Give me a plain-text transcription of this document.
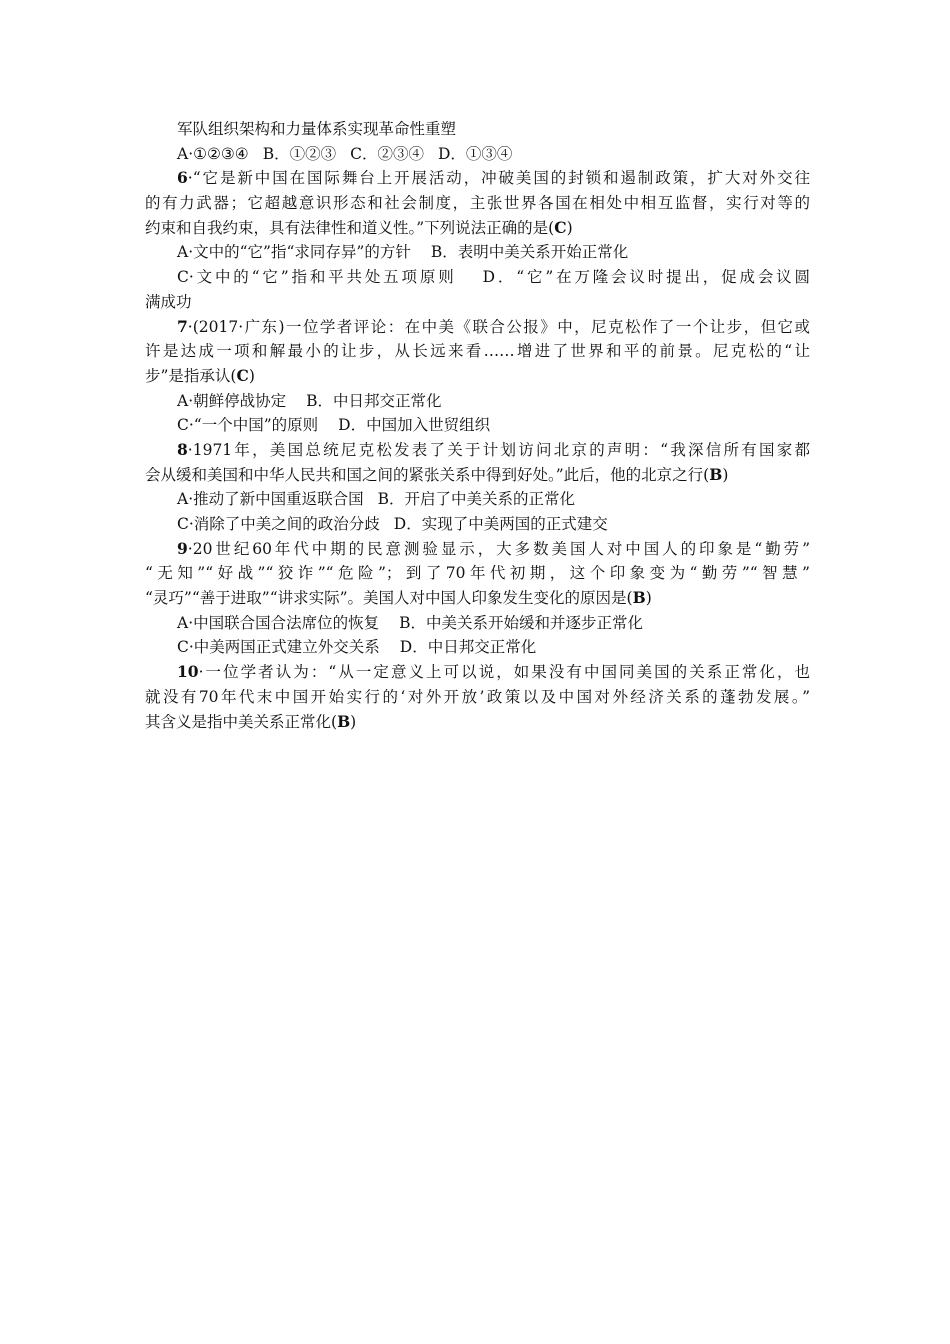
军队组织架构和力量体系实现革命性重塑
A·①②③④ B．①②③ C．②③④ D．①③④
6·“它是新中国在国际舞台上开展活动，冲破美国的封锁和遏制政策，扩大对外交往
的有力武器；它超越意识形态和社会制度，主张世界各国在相处中相互监督，实行对等的
约束和自我约束，具有法律性和道义性。”下列说法正确的是(C)
A·文中的“它”指“求同存异”的方针 B．表明中美关系开始正常化
C·文中的“它”指和平共处五项原则　 D．“它”在万隆会议时提出，促成会议圆
满成功
7·(2017·广东)一位学者评论：在中美《联合公报》中，尼克松作了一个让步，但它或
许是达成一项和解最小的让步，从长远来看……增进了世界和平的前景。尼克松的“让
步”是指承认(C)
A·朝鲜停战协定 B．中日邦交正常化
C·“一个中国”的原则 D．中国加入世贸组织
8·1971年，美国总统尼克松发表了关于计划访问北京的声明：“我深信所有国家都
会从缓和美国和中华人民共和国之间的紧张关系中得到好处。”此后，他的北京之行(B)
A·推动了新中国重返联合国 B．开启了中美关系的正常化
C·消除了中美之间的政治分歧 D．实现了中美两国的正式建交
9·20世纪60年代中期的民意测验显示，大多数美国人对中国人的印象是“勤劳”
“无知”“好战”“狡诈”“危险”；到了70年代初期，这个印象变为“勤劳”“智慧”
“灵巧”“善于进取”“讲求实际”。美国人对中国人印象发生变化的原因是(B)
A·中国联合国合法席位的恢复 B．中美关系开始缓和并逐步正常化
C·中美两国正式建立外交关系 D．中日邦交正常化
10·一位学者认为：“从一定意义上可以说，如果没有中国同美国的关系正常化，也
就没有70年代末中国开始实行的‘对外开放’政策以及中国对外经济关系的蓬勃发展。”
其含义是指中美关系正常化(B)
